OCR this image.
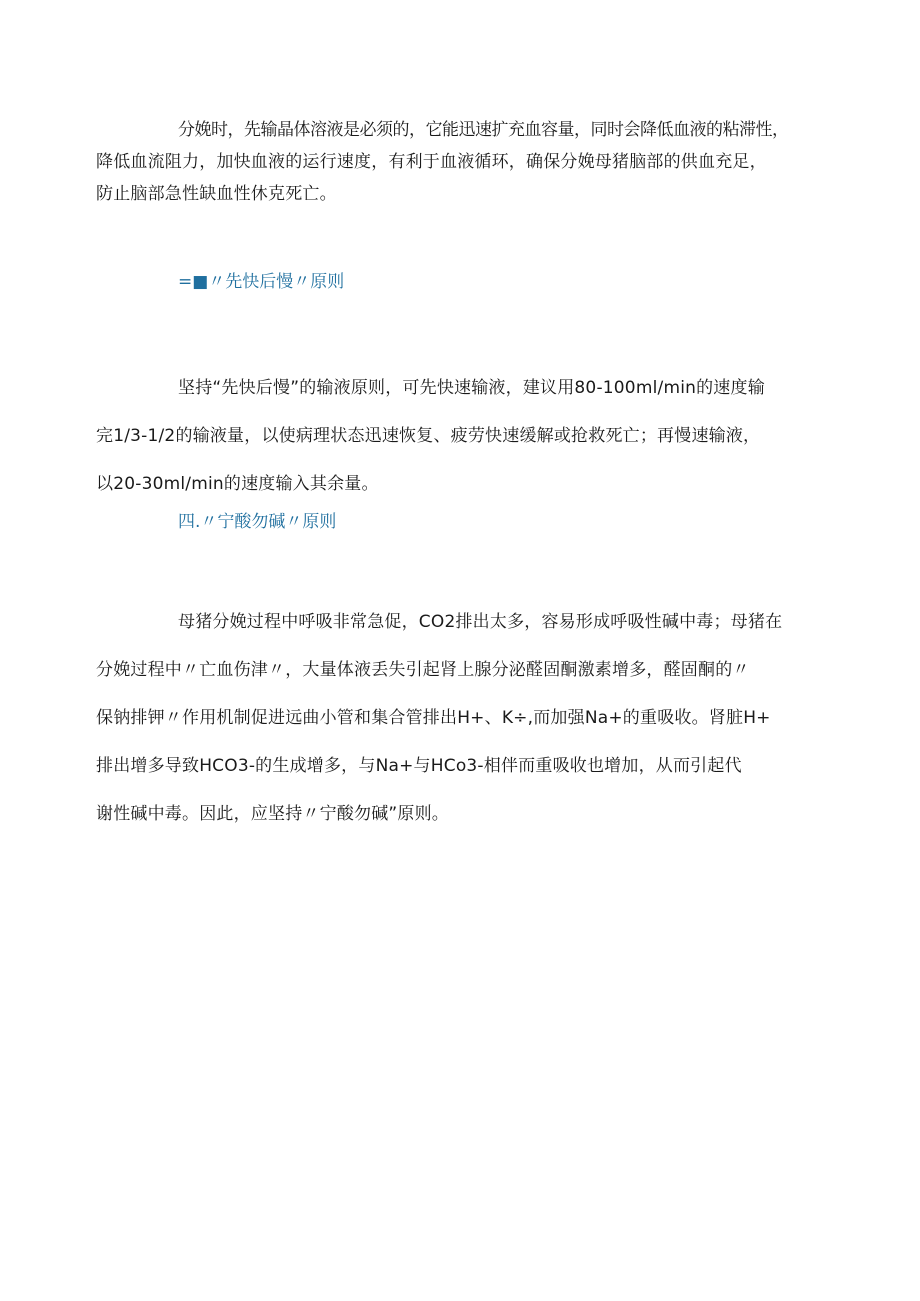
分娩时，先输晶体溶液是必须的，它能迅速扩充血容量，同时会降低血液的粘滞性，
降低血流阻力，加快血液的运行速度，有利于血液循环，确保分娩母猪脑部的供血充足，
防止脑部急性缺血性休克死亡。

=■〃先快后慢〃原则

坚持“先快后慢”的输液原则，可先快速输液，建议用80-100ml∕min的速度输
完1/3-1/2的输液量，以使病理状态迅速恢复、疲劳快速缓解或抢救死亡；再慢速输液，
以20-30ml∕min的速度输入其余量。

四.〃宁酸勿碱〃原则

母猪分娩过程中呼吸非常急促，CO2排出太多，容易形成呼吸性碱中毒；母猪在
分娩过程中〃亡血伤津〃，大量体液丢失引起肾上腺分泌醛固酮激素增多，醛固酮的〃
保钠排钾〃作用机制促进远曲小管和集合管排出H+、K÷,而加强Na+的重吸收。肾脏H+
排出增多导致HCO3-的生成增多，与Na+与HCo3-相伴而重吸收也增加，从而引起代
谢性碱中毒。因此，应坚持〃宁酸勿碱”原则。
